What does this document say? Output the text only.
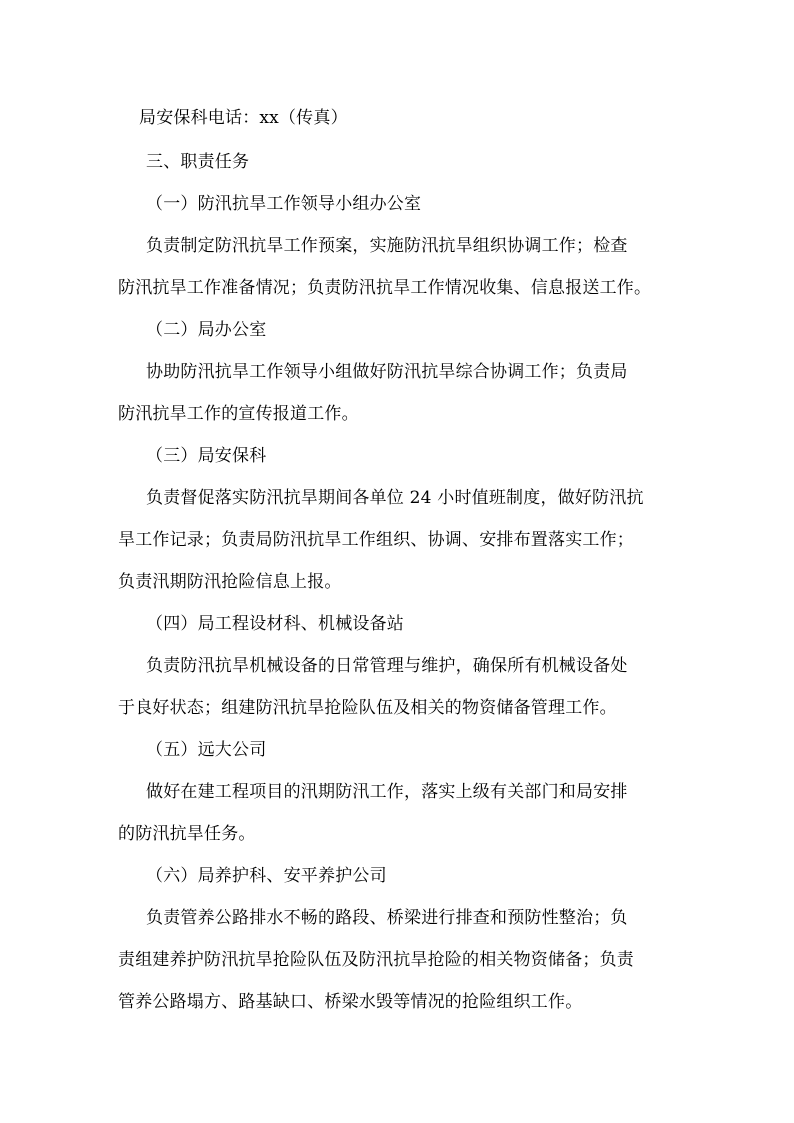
局安保科电话：xx（传真）
三、职责任务
（一）防汛抗旱工作领导小组办公室
负责制定防汛抗旱工作预案，实施防汛抗旱组织协调工作；检查
防汛抗旱工作准备情况；负责防汛抗旱工作情况收集、信息报送工作。
（二）局办公室
协助防汛抗旱工作领导小组做好防汛抗旱综合协调工作；负责局
防汛抗旱工作的宣传报道工作。
（三）局安保科
负责督促落实防汛抗旱期间各单位 24 小时值班制度，做好防汛抗
旱工作记录；负责局防汛抗旱工作组织、协调、安排布置落实工作；
负责汛期防汛抢险信息上报。
（四）局工程设材科、机械设备站
负责防汛抗旱机械设备的日常管理与维护，确保所有机械设备处
于良好状态；组建防汛抗旱抢险队伍及相关的物资储备管理工作。
（五）远大公司
做好在建工程项目的汛期防汛工作，落实上级有关部门和局安排
的防汛抗旱任务。
（六）局养护科、安平养护公司
负责管养公路排水不畅的路段、桥梁进行排查和预防性整治；负
责组建养护防汛抗旱抢险队伍及防汛抗旱抢险的相关物资储备；负责
管养公路塌方、路基缺口、桥梁水毁等情况的抢险组织工作。
